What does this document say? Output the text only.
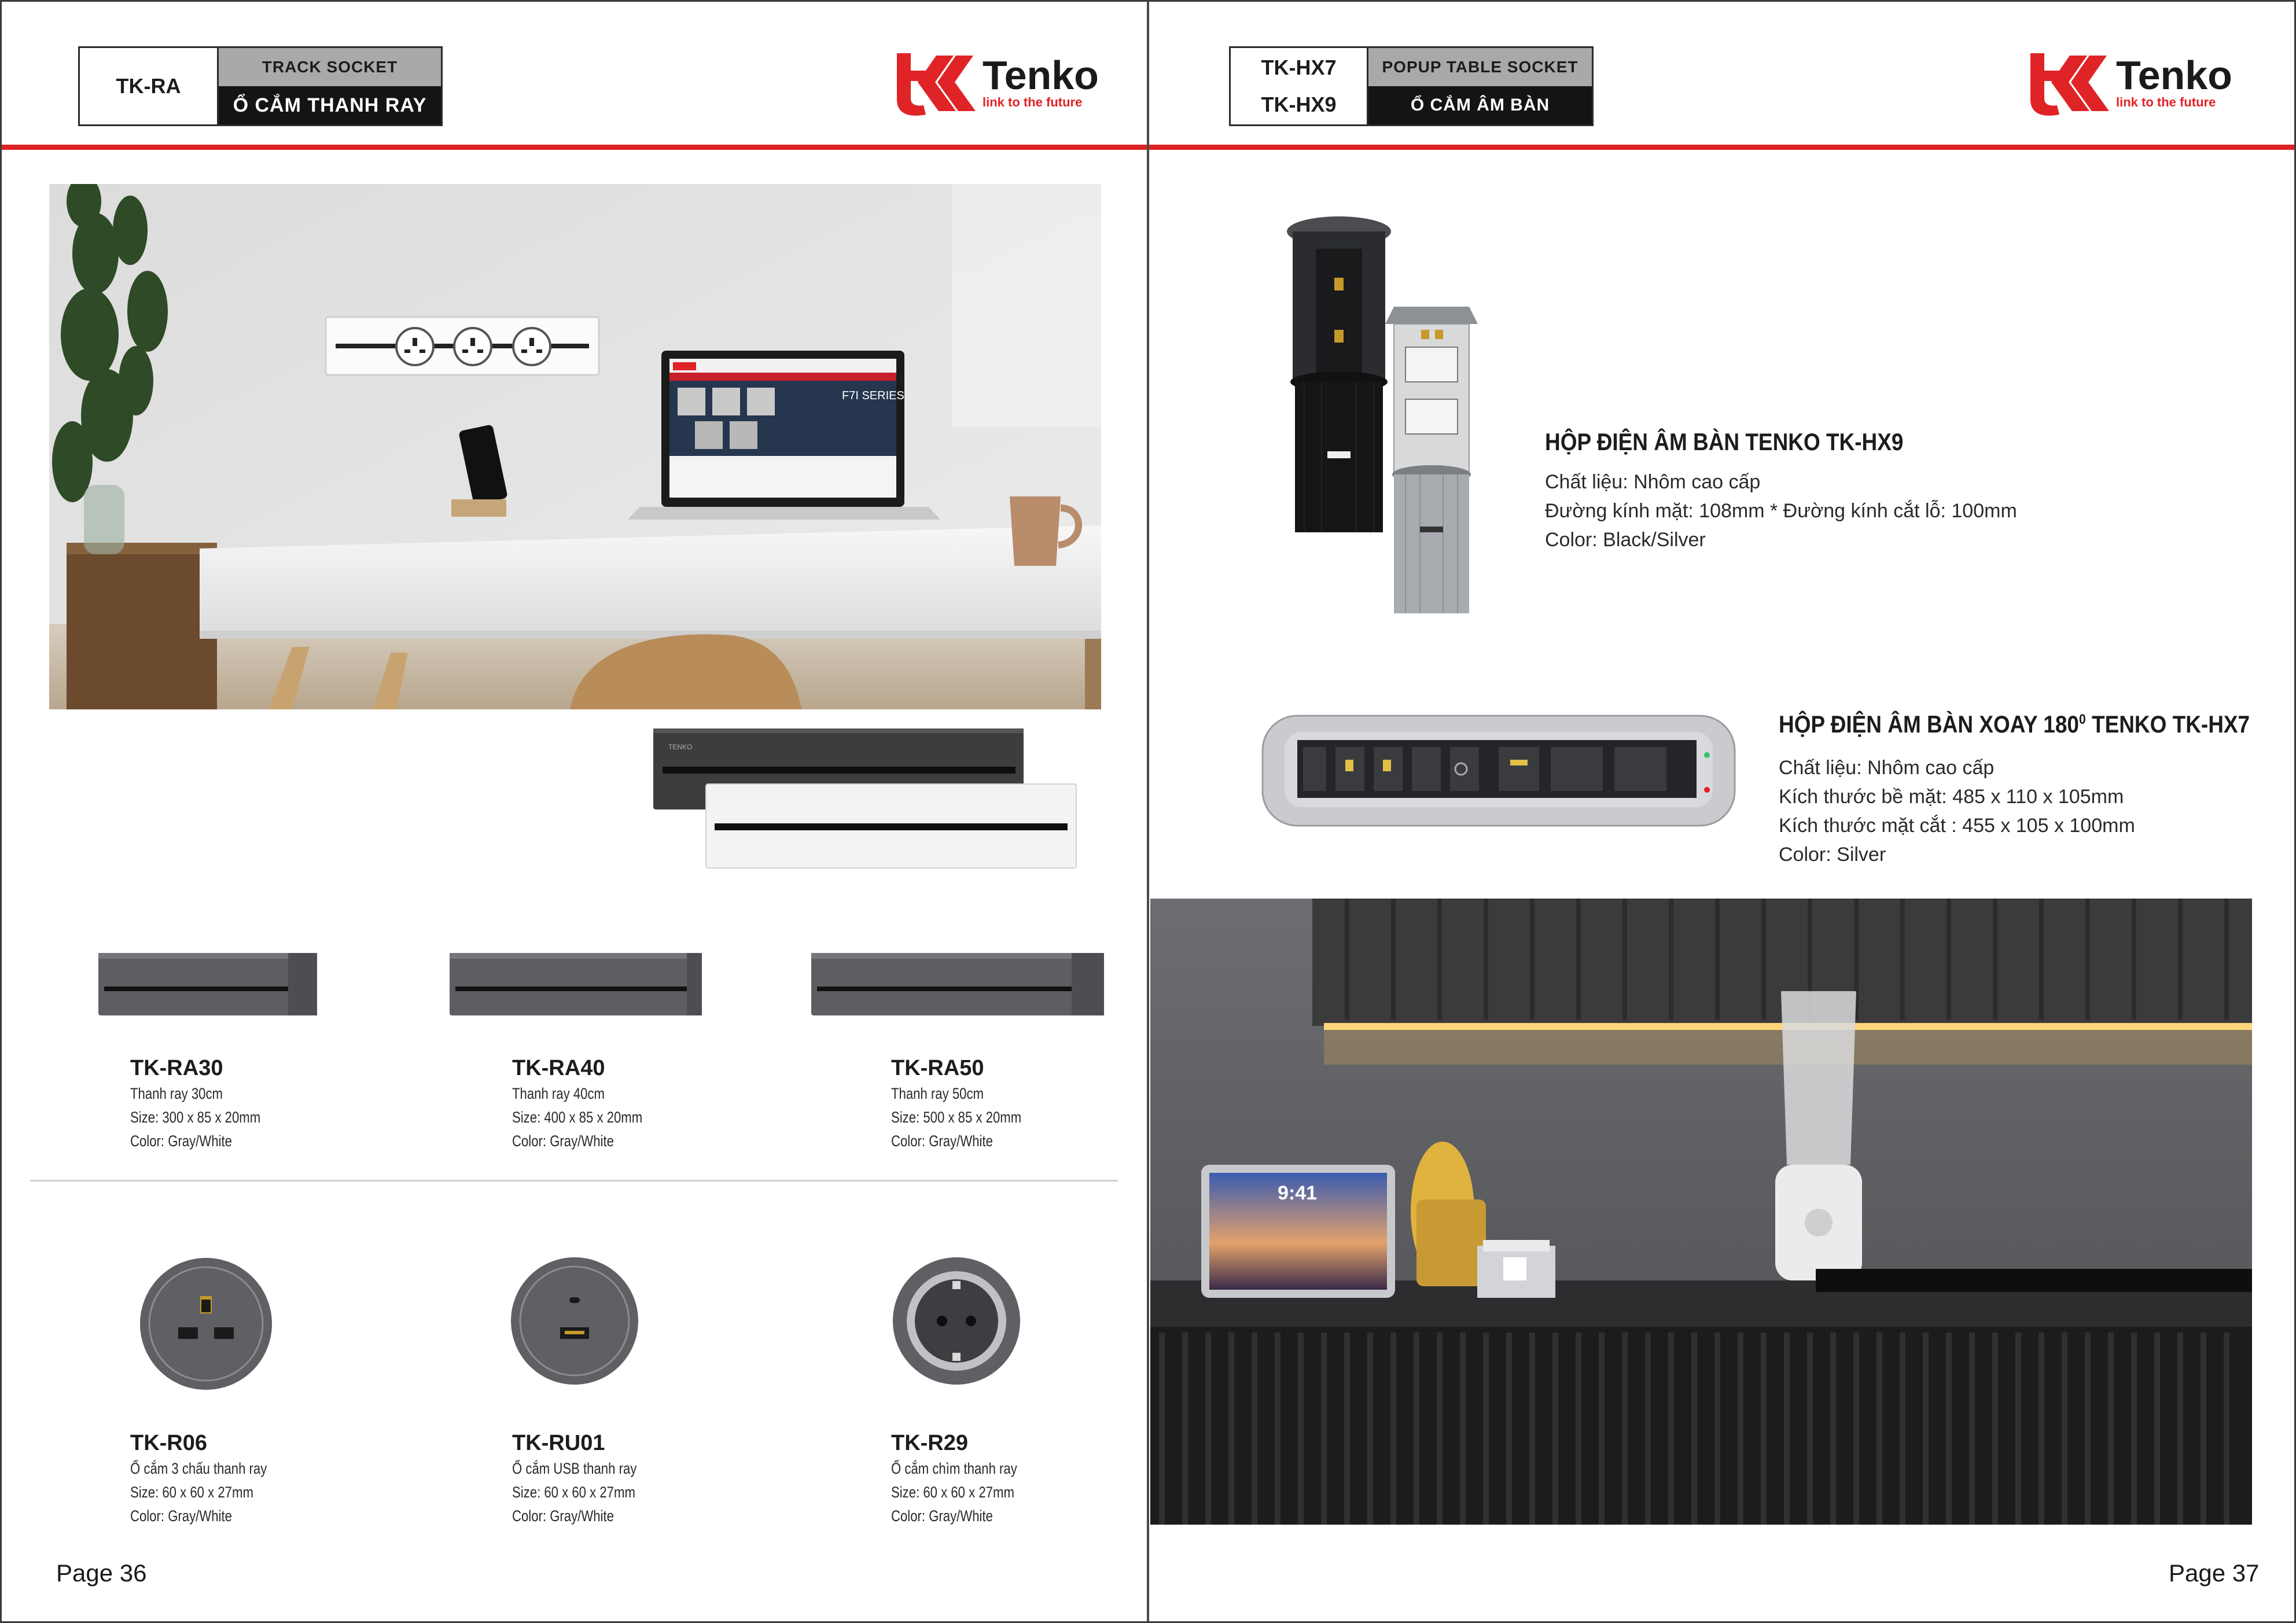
TK-RA
TRACK SOCKET
Ổ CẮM THANH RAY
Tenko
link to the future
F7I SERIES
TENKO
TK-RA30
Thanh ray 30cm
Size: 300 x 85 x 20mm
Color: Gray/White
TK-RA40
Thanh ray 40cm
Size: 400 x 85 x 20mm
Color: Gray/White
TK-RA50
Thanh ray 50cm
Size: 500 x 85 x 20mm
Color: Gray/White
TK-R06
Ổ cắm 3 chấu thanh ray
Size: 60 x 60 x 27mm
Color: Gray/White
TK-RU01
Ổ cắm USB thanh ray
Size: 60 x 60 x 27mm
Color: Gray/White
TK-R29
Ổ cắm chìm thanh ray
Size: 60 x 60 x 27mm
Color: Gray/White
Page 36
TK-HX7
TK-HX9
POPUP TABLE SOCKET
Ổ CẮM ÂM BÀN
Tenko
link to the future
HỘP ĐIỆN ÂM BÀN TENKO TK-HX9
Chất liệu: Nhôm cao cấp
Đường kính mặt: 108mm * Đường kính cắt lỗ: 100mm
Color: Black/Silver
HỘP ĐIỆN ÂM BÀN XOAY $180^0$ TENKO TK-HX7
Chất liệu: Nhôm cao cấp
Kích thước bề mặt: 485 x 110 x 105mm
Kích thước mặt cắt : 455 x 105 x 100mm
Color: Silver
9:41
Page 37
